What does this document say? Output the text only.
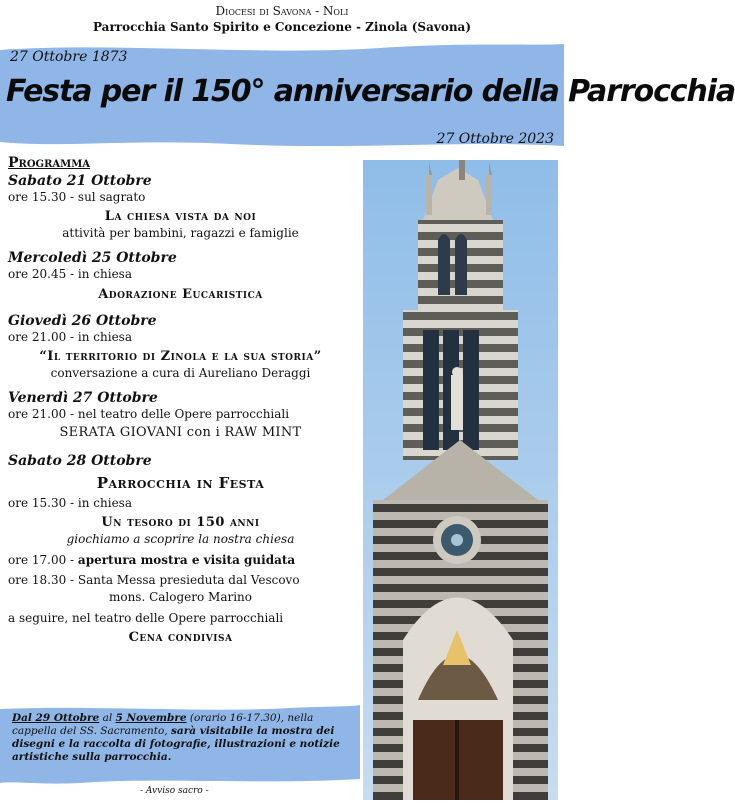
Diocesi di Savona - Noli
Parrocchia Santo Spirito e Concezione - Zinola (Savona)
27 Ottobre 1873
Festa per il 150° anniversario della Parrocchia
27 Ottobre 2023
Programma
Sabato 21 Ottobre
ore 15.30 - sul sagrato
La chiesa vista da noi
attività per bambini, ragazzi e famiglie
Mercoledì 25 Ottobre
ore 20.45 - in chiesa
Adorazione Eucaristica
Giovedì 26 Ottobre
ore 21.00 - in chiesa
“Il territorio di Zinola e la sua storia”
conversazione a cura di Aureliano Deraggi
Venerdì 27 Ottobre
ore 21.00 - nel teatro delle Opere parrocchiali
SERATA GIOVANI con i RAW MINT
Sabato 28 Ottobre
Parrocchia in Festa
ore 15.30 - in chiesa
Un tesoro di 150 anni
giochiamo a scoprire la nostra chiesa
ore 17.00 - apertura mostra e visita guidata
ore 18.30 - Santa Messa presieduta dal Vescovo
mons. Calogero Marino
a seguire, nel teatro delle Opere parrocchiali
Cena condivisa
Dal 29 Ottobre al 5 Novembre (orario 16-17.30), nella cappella del SS. Sacramento, sarà visitabile la mostra dei disegni e la raccolta di fotografie, illustrazioni e notizie artistiche sulla parrocchia.
- Avviso sacro -
